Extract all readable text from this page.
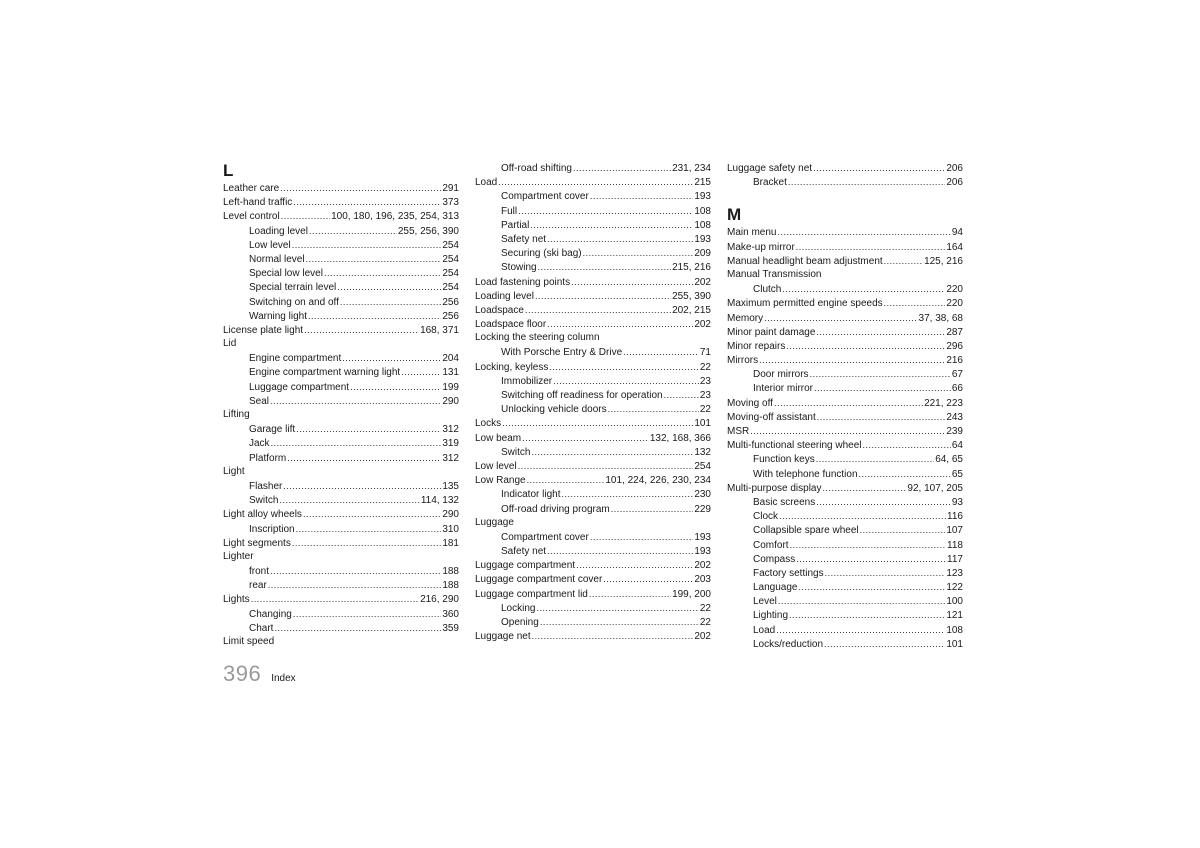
L
Leather care .....	291
Left-hand traffic .....	373
Level control .....	100, 180, 196, 235, 254, 313
Loading level .....	255, 256, 390
Low level .....	254
Normal level .....	254
Special low level .....	254
Special terrain level .....	254
Switching on and off .....	256
Warning light .....	256
License plate light .....	168, 371
Lid
Engine compartment .....	204
Engine compartment warning light .....	131
Luggage compartment .....	199
Seal .....	290
Lifting
Garage lift .....	312
Jack .....	319
Platform .....	312
Light
Flasher .....	135
Switch .....	114, 132
Light alloy wheels .....	290
Inscription .....	310
Light segments .....	181
Lighter
front .....	188
rear .....	188
Lights .....	216, 290
Changing .....	360
Chart .....	359
Limit speed
Off-road shifting .....	231, 234
Load .....	215
Compartment cover .....	193
Full .....	108
Partial .....	108
Safety net .....	193
Securing (ski bag) .....	209
Stowing .....	215, 216
Load fastening points .....	202
Loading level .....	255, 390
Loadspace .....	202, 215
Loadspace floor .....	202
Locking the steering column
With Porsche Entry & Drive .....	71
Locking, keyless .....	22
Immobilizer .....	23
Switching off readiness for operation .....	23
Unlocking vehicle doors .....	22
Locks .....	101
Low beam .....	132, 168, 366
Switch .....	132
Low level .....	254
Low Range .....	101, 224, 226, 230, 234
Indicator light .....	230
Off-road driving program .....	229
Luggage
Compartment cover .....	193
Safety net .....	193
Luggage compartment .....	202
Luggage compartment cover .....	203
Luggage compartment lid .....	199, 200
Locking .....	22
Opening .....	22
Luggage net .....	202
Luggage safety net .....	206
Bracket .....	206
M
Main menu .....	94
Make-up mirror .....	164
Manual headlight beam adjustment .....	125, 216
Manual Transmission
Clutch .....	220
Maximum permitted engine speeds .....	220
Memory .....	37, 38, 68
Minor paint damage .....	287
Minor repairs .....	296
Mirrors .....	216
Door mirrors .....	67
Interior mirror .....	66
Moving off .....	221, 223
Moving-off assistant .....	243
MSR .....	239
Multi-functional steering wheel .....	64
Function keys .....	64, 65
With telephone function .....	65
Multi-purpose display .....	92, 107, 205
Basic screens .....	93
Clock .....	116
Collapsible spare wheel .....	107
Comfort .....	118
Compass .....	117
Factory settings .....	123
Language .....	122
Level .....	100
Lighting .....	121
Load .....	108
Locks/reduction .....	101
396 Index
